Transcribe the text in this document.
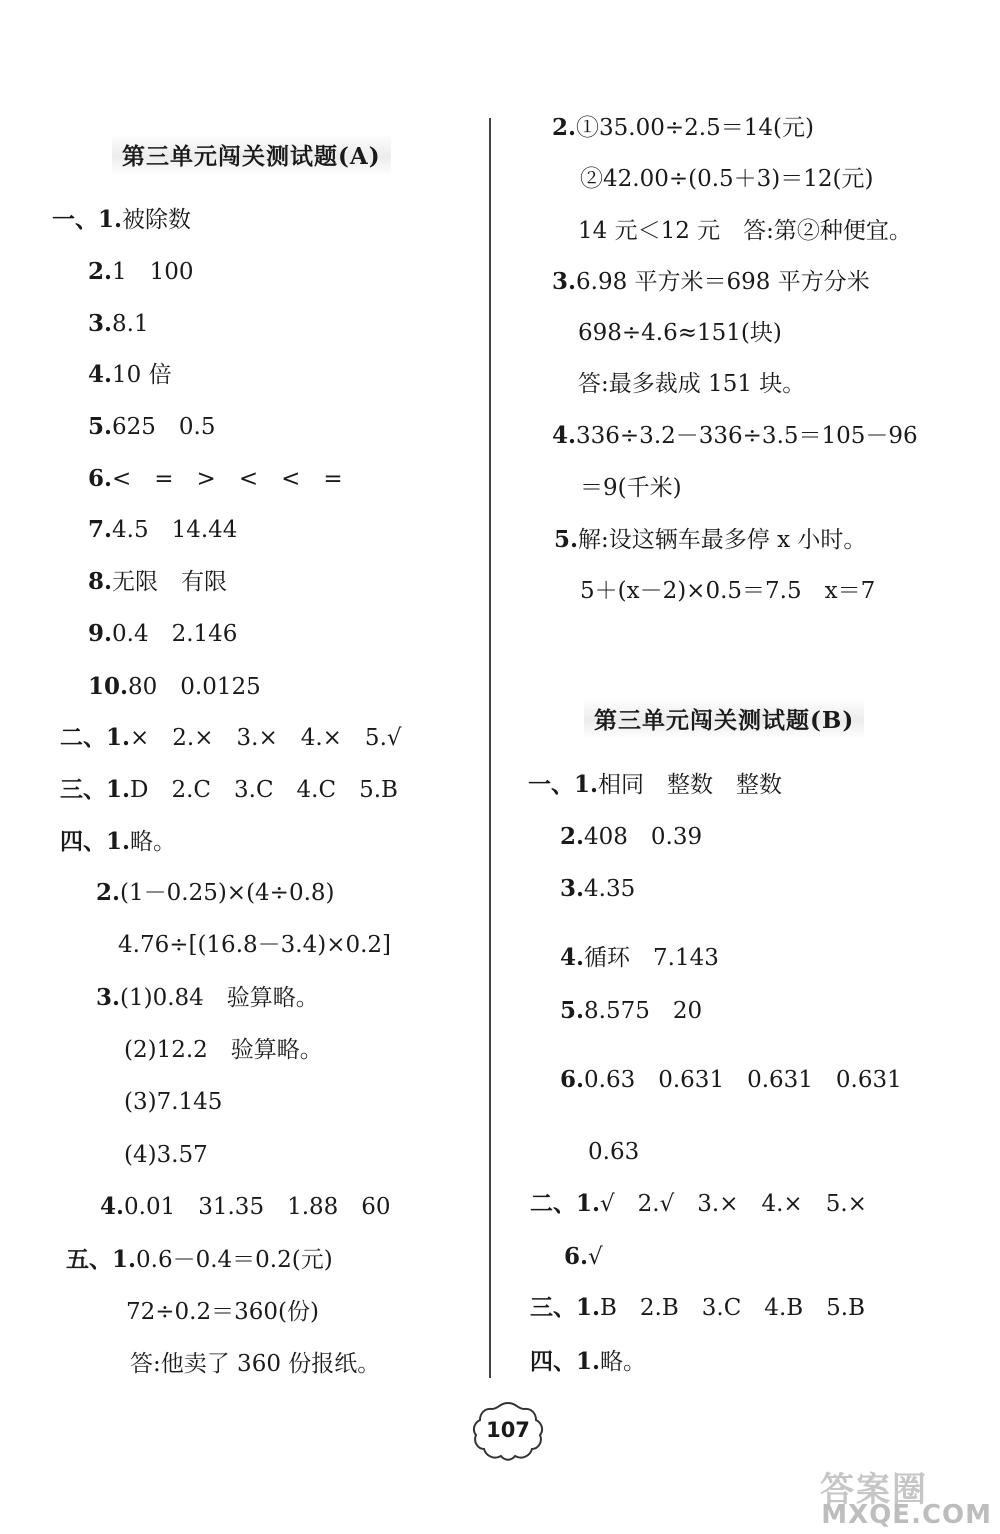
第三单元闯关测试题(A)
一、1.被除数
2.1　100
3.8.1
4.10 倍
5.625　0.5
6.<　=　>　<　<　=
7.4.5　14.44
8.无限　有限
9.0.4　2.146
10.80　0.0125
二、1.×　2.×　3.×　4.×　5.√
三、1.D　2.C　3.C　4.C　5.B
四、1.略。
2.(1－0.25)×(4÷0.8)
4.76÷[(16.8－3.4)×0.2]
3.(1)0.84　验算略。
(2)12.2　验算略。
(3)7.145
(4)3.57
4.0.01　31.35　1.88　60
五、1.0.6－0.4＝0.2(元)
72÷0.2＝360(份)
答:他卖了 360 份报纸。
2.①35.00÷2.5＝14(元)
②42.00÷(0.5＋3)＝12(元)
14 元＜12 元　答:第②种便宜。
3.6.98 平方米＝698 平方分米
698÷4.6≈151(块)
答:最多裁成 151 块。
4.336÷3.2－336÷3.5＝105－96
＝9(千米)
5.解:设这辆车最多停 x 小时。
5＋(x－2)×0.5＝7.5　x＝7
第三单元闯关测试题(B)
一、1.相同　整数　整数
2.408　0.39
3.4.35
4.循环　7.143
5.8.575　20
6.0.63　0.631　0.631　0.631
0.63
二、1.√　2.√　3.×　4.×　5.×
6.√
三、1.B　2.B　3.C　4.B　5.B
四、1.略。
107
答案圈
MXQE.COM
